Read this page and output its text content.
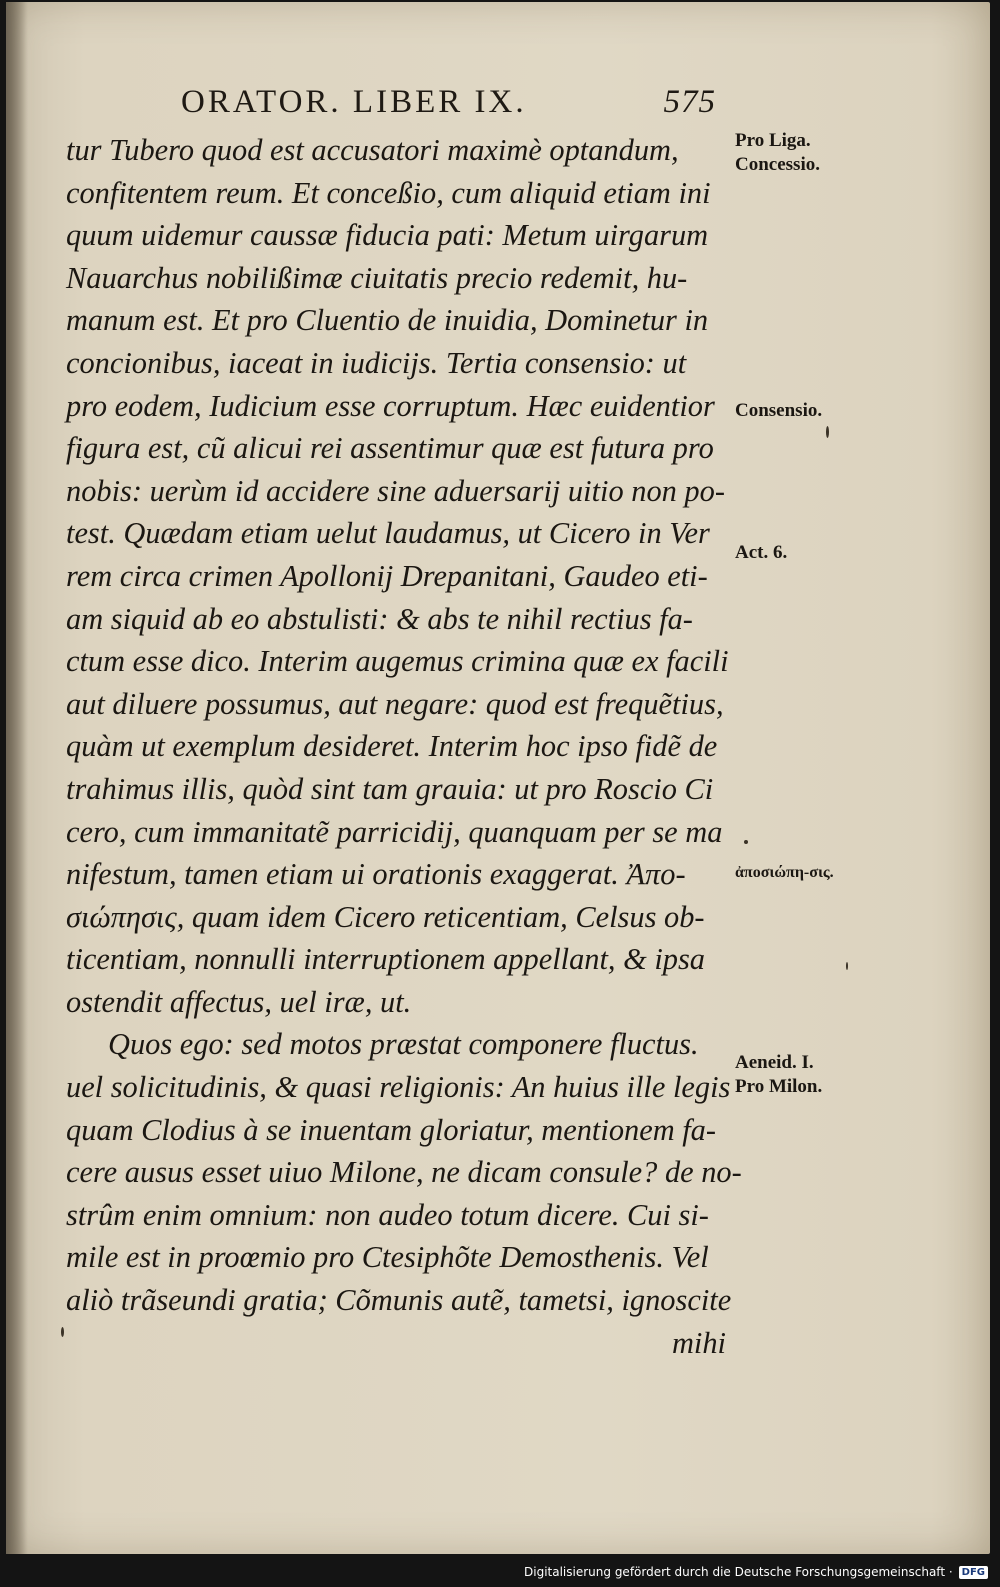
ORATOR. LIBER IX.	575
tur Tubero quod est accusatori maximè optandum,
confitentem reum. Et conceßio, cum aliquid etiam ini
quum uidemur caussæ fiducia pati: Metum uirgarum
Nauarchus nobilißimæ ciuitatis precio redemit, hu-
manum est. Et pro Cluentio de inuidia, Dominetur in
concionibus, iaceat in iudicijs. Tertia consensio: ut
pro eodem, Iudicium esse corruptum. Hæc euidentior
figura est, cũ alicui rei assentimur quæ est futura pro
nobis: uerùm id accidere sine aduersarij uitio non po-
test. Quædam etiam uelut laudamus, ut Cicero in Ver
rem circa crimen Apollonij Drepanitani, Gaudeo eti-
am siquid ab eo abstulisti: & abs te nihil rectius fa-
ctum esse dico. Interim augemus crimina quæ ex facili
aut diluere possumus, aut negare: quod est frequẽtius,
quàm ut exemplum desideret. Interim hoc ipso fidẽ de
trahimus illis, quòd sint tam grauia: ut pro Roscio Ci
cero, cum immanitatẽ parricidij, quanquam per se ma
nifestum, tamen etiam ui orationis exaggerat. Ἀπο-
σιώπησις, quam idem Cicero reticentiam, Celsus ob-
ticentiam, nonnulli interruptionem appellant, & ipsa
ostendit affectus, uel iræ, ut.
Quos ego: sed motos præstat componere fluctus.
uel solicitudinis, & quasi religionis: An huius ille legis
quam Clodius à se inuentam gloriatur, mentionem fa-
cere ausus esset uiuo Milone, ne dicam consule? de no-
strûm enim omnium: non audeo totum dicere. Cui si-
mile est in proœmio pro Ctesiphõte Demosthenis. Vel
aliò trãseundi gratia; Cõmunis autẽ, tametsi, ignoscite
mihi
Pro Liga.
Concessio.
Consensio.
Act. 6.
ἀποσιώπη-σις.
Aeneid. I.
Pro Milon.
Digitalisierung gefördert durch die Deutsche Forschungsgemeinschaft · DFG
